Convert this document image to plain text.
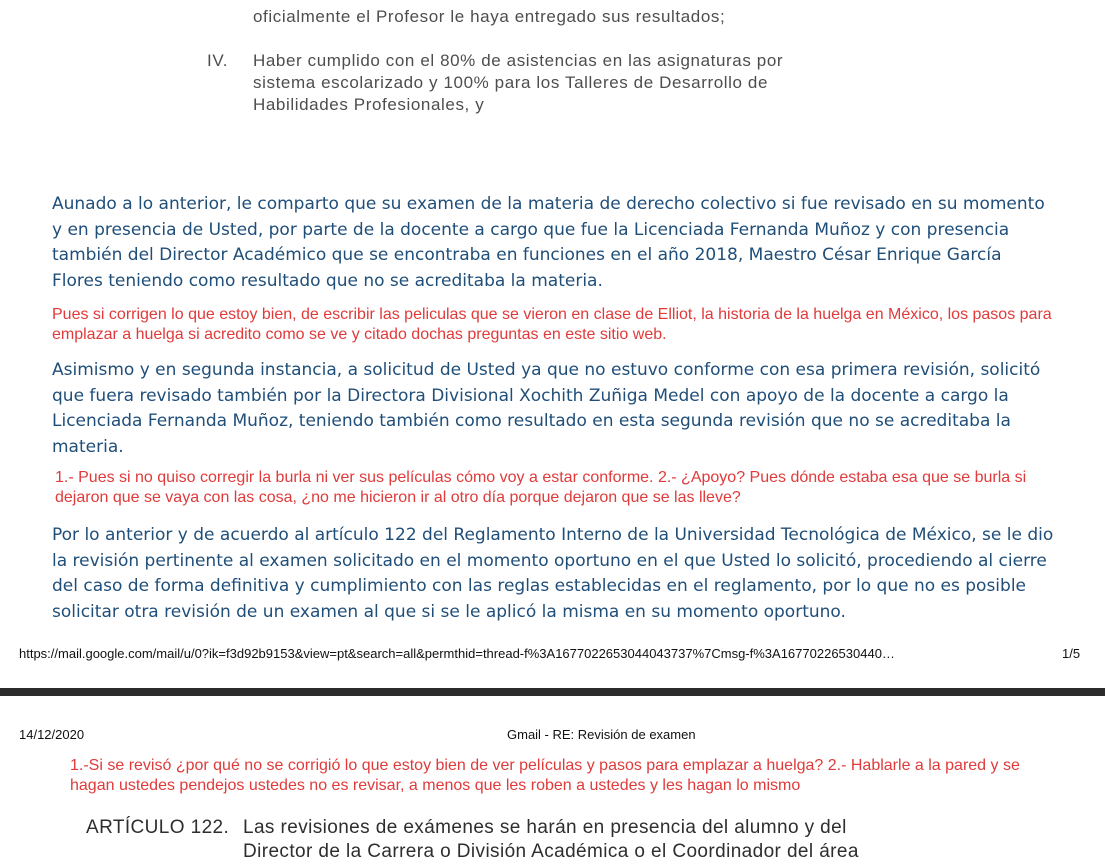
oficialmente el Profesor le haya entregado sus resultados;
IV. Haber cumplido con el 80% de asistencias en las asignaturas por
sistema escolarizado y 100% para los Talleres de Desarrollo de
Habilidades Profesionales, y
Aunado a lo anterior, le comparto que su examen de la materia de derecho colectivo si fue revisado en su momento y en presencia de Usted, por parte de la docente a cargo que fue la Licenciada Fernanda Muñoz y con presencia también del Director Académico que se encontraba en funciones en el año 2018, Maestro César Enrique García Flores teniendo como resultado que no se acreditaba la materia.
Pues si corrigen lo que estoy bien, de escribir las peliculas que se vieron en clase de Elliot, la historia de la huelga en México, los pasos para emplazar a huelga si acredito como se ve y citado dochas preguntas en este sitio web.
Asimismo y en segunda instancia, a solicitud de Usted ya que no estuvo conforme con esa primera revisión, solicitó que fuera revisado también por la Directora Divisional Xochith Zuñiga Medel con apoyo de la docente a cargo la Licenciada Fernanda Muñoz, teniendo también como resultado en esta segunda revisión que no se acreditaba la materia.
1.- Pues si no quiso corregir la burla ni ver sus películas cómo voy a estar conforme. 2.- ¿Apoyo? Pues dónde estaba esa que se burla si dejaron que se vaya con las cosa, ¿no me hicieron ir al otro día porque dejaron que se las lleve?
Por lo anterior y de acuerdo al artículo 122 del Reglamento Interno de la Universidad Tecnológica de México, se le dio la revisión pertinente al examen solicitado en el momento oportuno en el que Usted lo solicitó, procediendo al cierre del caso de forma definitiva y cumplimiento con las reglas establecidas en el reglamento, por lo que no es posible solicitar otra revisión de un examen al que si se le aplicó la misma en su momento oportuno.
https://mail.google.com/mail/u/0?ik=f3d92b9153&view=pt&search=all&permthid=thread-f%3A1677022653044043737%7Cmsg-f%3A16770226530440…	1/5
14/12/2020	Gmail - RE: Revisión de examen
1.-Si se revisó ¿por qué no se corrigió lo que estoy bien de ver películas y pasos para emplazar a huelga? 2.- Hablarle a la pared y se hagan ustedes pendejos ustedes no es revisar, a menos que les roben a ustedes y les hagan lo mismo
ARTÍCULO 122. Las revisiones de exámenes se harán en presencia del alumno y del
Director de la Carrera o División Académica o el Coordinador del área
